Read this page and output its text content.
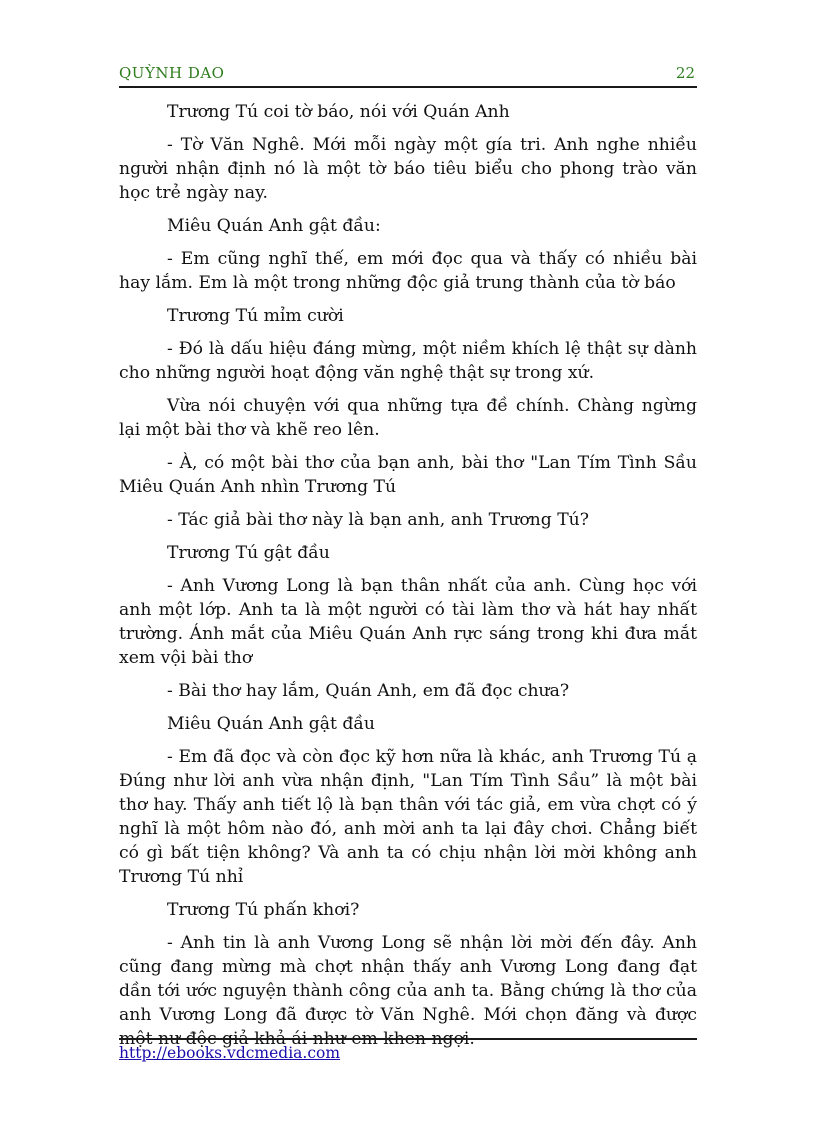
QUỲNH DAO	22

Trương Tú coi tờ báo, nói với Quán Anh

- Tờ Văn Nghê. Mới mỗi ngày một gía tri. Anh nghe nhiều người nhận định nó là một tờ báo tiêu biểu cho phong trào văn học trẻ ngày nay.

Miêu Quán Anh gật đầu:

- Em cũng nghĩ thế, em mới đọc qua và thấy có nhiều bài hay lắm. Em là một trong những độc giả trung thành của tờ báo

Trương Tú mỉm cười

- Đó là dấu hiệu đáng mừng, một niềm khích lệ thật sự dành cho những người hoạt động văn nghệ thật sự trong xứ.

Vừa nói chuyện với qua những tựa đề chính. Chàng ngừng lại một bài thơ và khẽ reo lên.

- À, có một bài thơ của bạn anh, bài thơ "Lan Tím Tình Sầu Miêu Quán Anh nhìn Trương Tú

- Tác giả bài thơ này là bạn anh, anh Trương Tú?

Trương Tú gật đầu

- Anh Vương Long là bạn thân nhất của anh. Cùng học với anh một lớp. Anh ta là một người có tài làm thơ và hát hay nhất trường. Ánh mắt của Miêu Quán Anh rực sáng trong khi đưa mắt xem vội bài thơ

- Bài thơ hay lắm, Quán Anh, em đã đọc chưa?

Miêu Quán Anh gật đầu

- Em đã đọc và còn đọc kỹ hơn nữa là khác, anh Trương Tú ạ Đúng như lời anh vừa nhận định, "Lan Tím Tình Sầu” là một bài thơ hay. Thấy anh tiết lộ là bạn thân với tác giả, em vừa chợt có ý nghĩ là một hôm nào đó, anh mời anh ta lại đây chơi. Chẳng biết có gì bất tiện không? Và anh ta có chịu nhận lời mời không anh Trương Tú nhỉ

Trương Tú phấn khơi?

- Anh tin là anh Vương Long sẽ nhận lời mời đến đây. Anh cũng đang mừng mà chợt nhận thấy anh Vương Long đang đạt dần tới ước nguyện thành công của anh ta. Bằng chứng là thơ của anh Vương Long đã được tờ Văn Nghê. Mới chọn đăng và được một nư độc giả khả ái như em khen ngợi.

http://ebooks.vdcmedia.com
